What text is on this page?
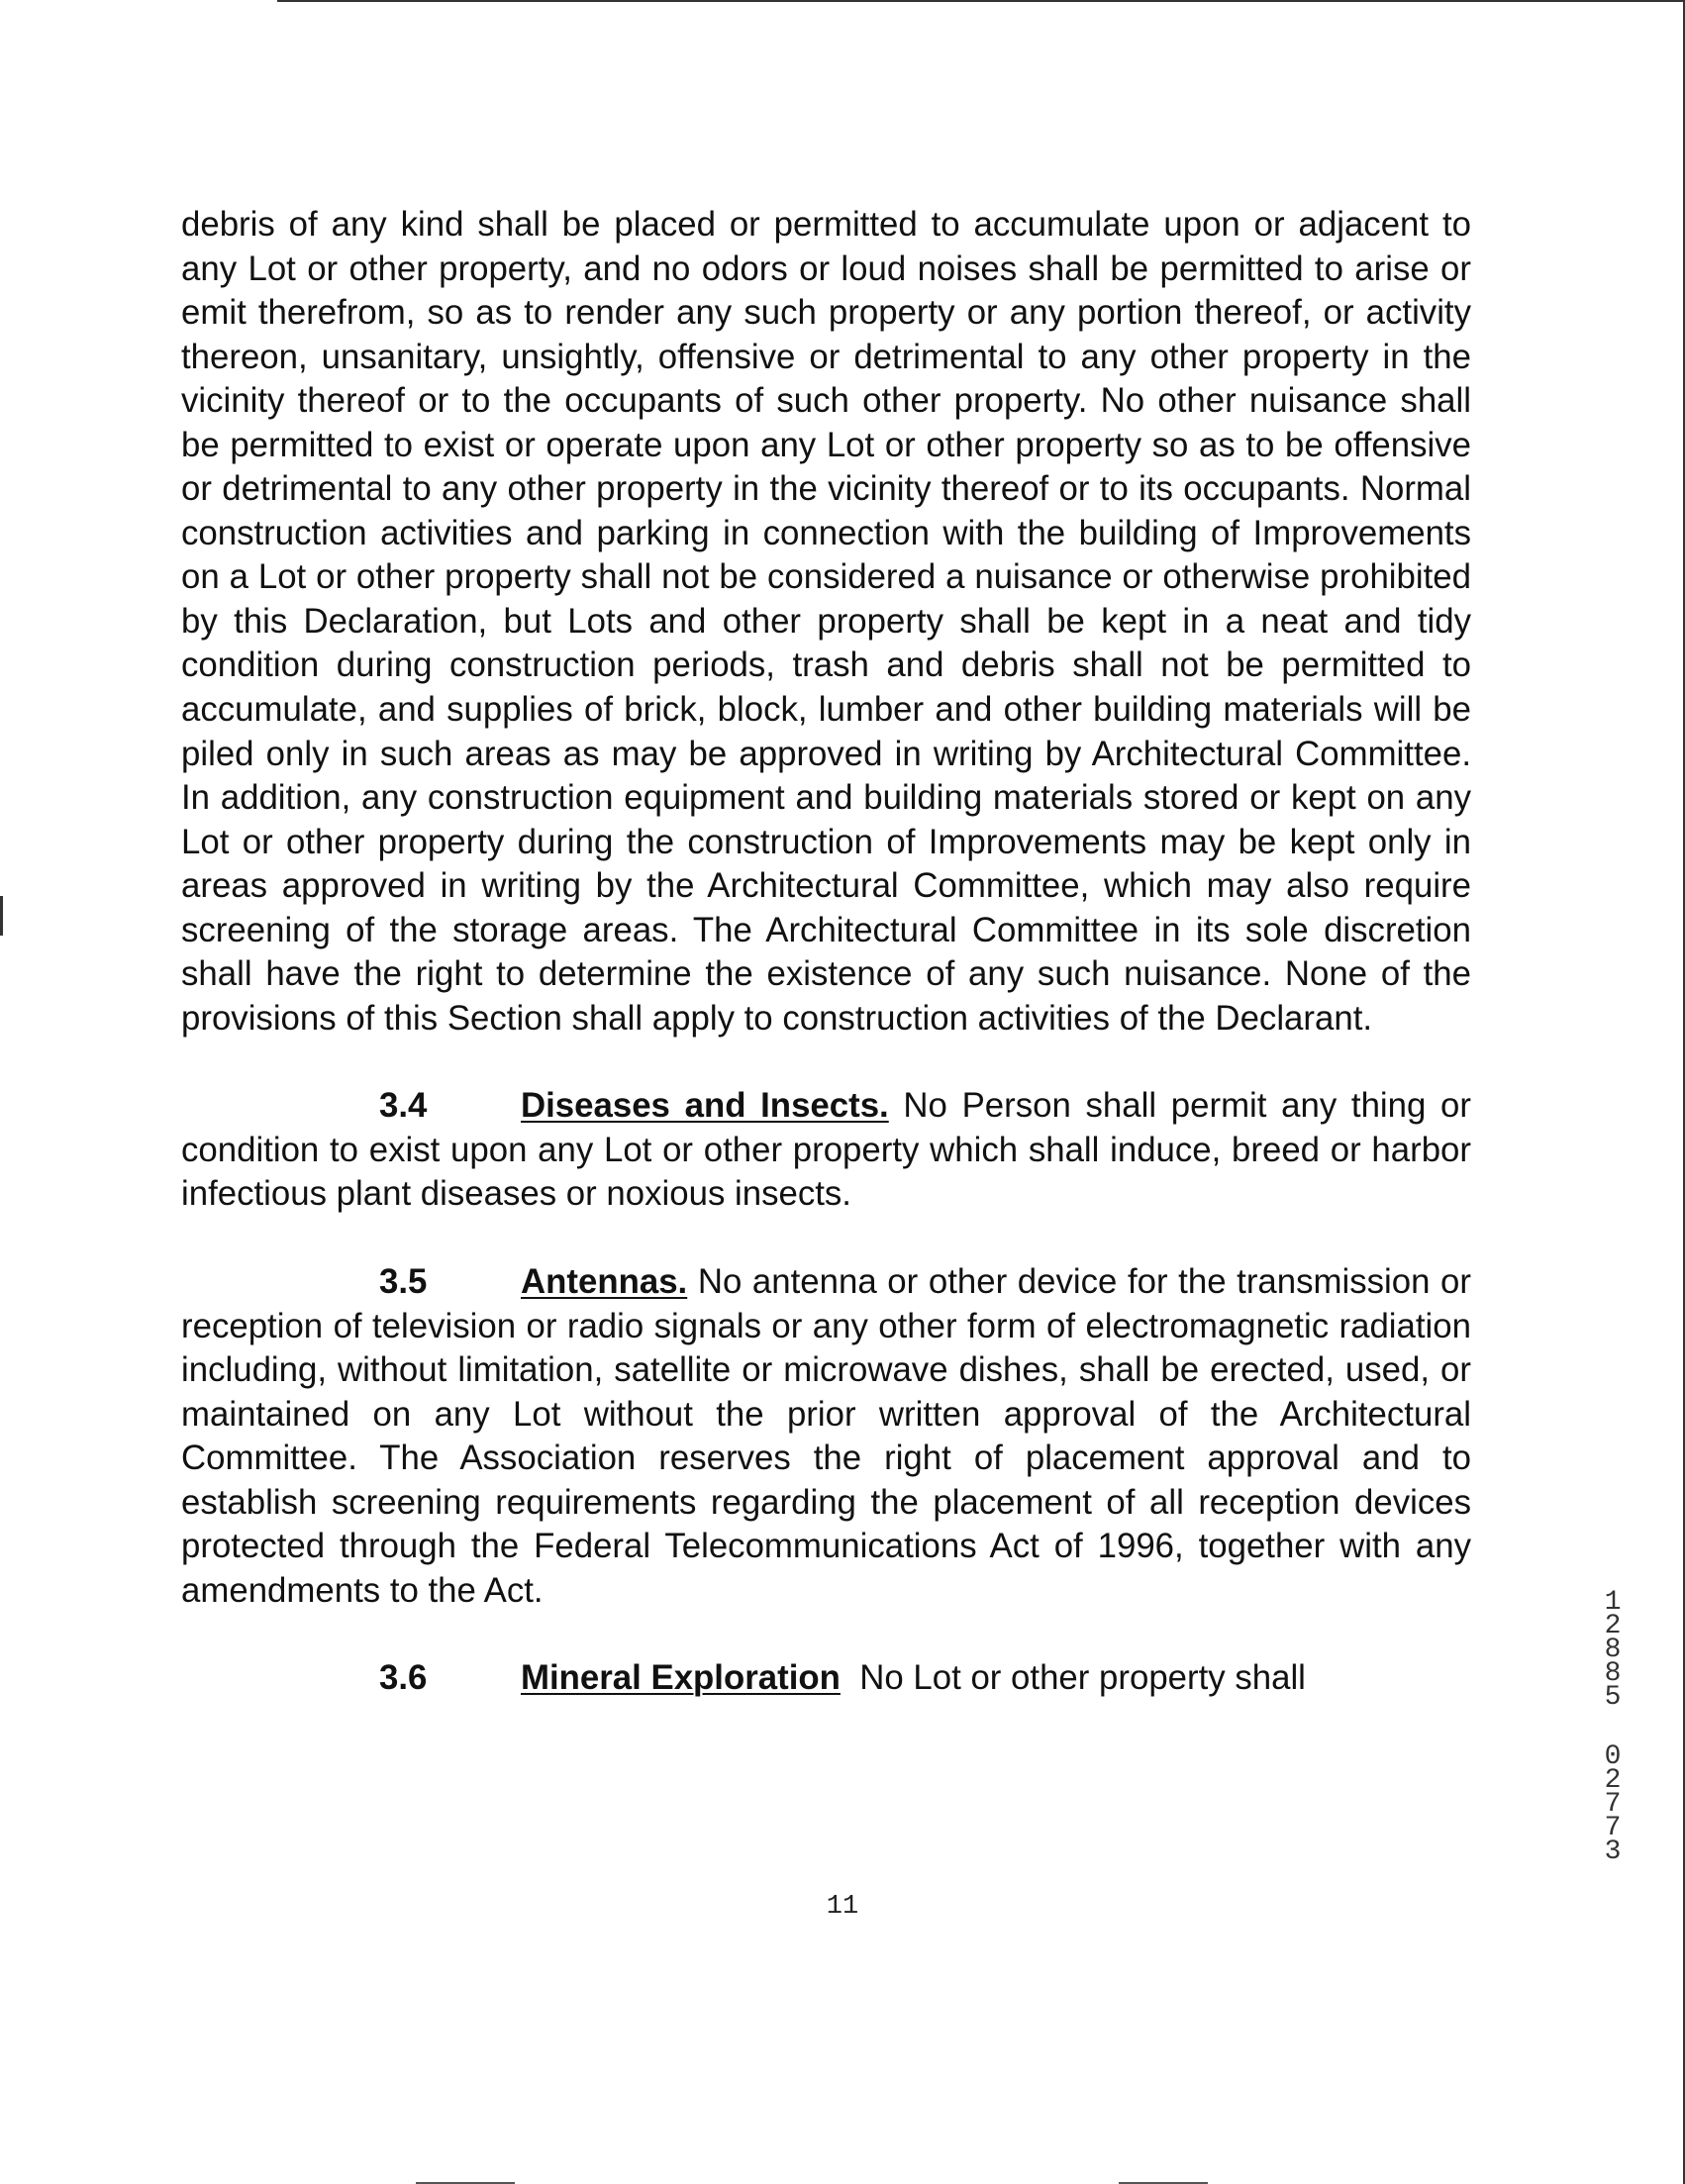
debris of any kind shall be placed or permitted to accumulate upon or adjacent to any Lot or other property, and no odors or loud noises shall be permitted to arise or emit therefrom, so as to render any such property or any portion thereof, or activity thereon, unsanitary, unsightly, offensive or detrimental to any other property in the vicinity thereof or to the occupants of such other property. No other nuisance shall be permitted to exist or operate upon any Lot or other property so as to be offensive or detrimental to any other property in the vicinity thereof or to its occupants. Normal construction activities and parking in connection with the building of Improvements on a Lot or other property shall not be considered a nuisance or otherwise prohibited by this Declaration, but Lots and other property shall be kept in a neat and tidy condition during construction periods, trash and debris shall not be permitted to accumulate, and supplies of brick, block, lumber and other building materials will be piled only in such areas as may be approved in writing by Architectural Committee. In addition, any construction equipment and building materials stored or kept on any Lot or other property during the construction of Improvements may be kept only in areas approved in writing by the Architectural Committee, which may also require screening of the storage areas. The Architectural Committee in its sole discretion shall have the right to determine the existence of any such nuisance. None of the provisions of this Section shall apply to construction activities of the Declarant.

3.4	Diseases and Insects. No Person shall permit any thing or condition to exist upon any Lot or other property which shall induce, breed or harbor infectious plant diseases or noxious insects.

3.5	Antennas. No antenna or other device for the transmission or reception of television or radio signals or any other form of electromagnetic radiation including, without limitation, satellite or microwave dishes, shall be erected, used, or maintained on any Lot without the prior written approval of the Architectural Committee. The Association reserves the right of placement approval and to establish screening requirements regarding the placement of all reception devices protected through the Federal Telecommunications Act of 1996, together with any amendments to the Act.

3.6	Mineral Exploration No Lot or other property shall

11
1
2
8
8
5
0
2
7
7
3
